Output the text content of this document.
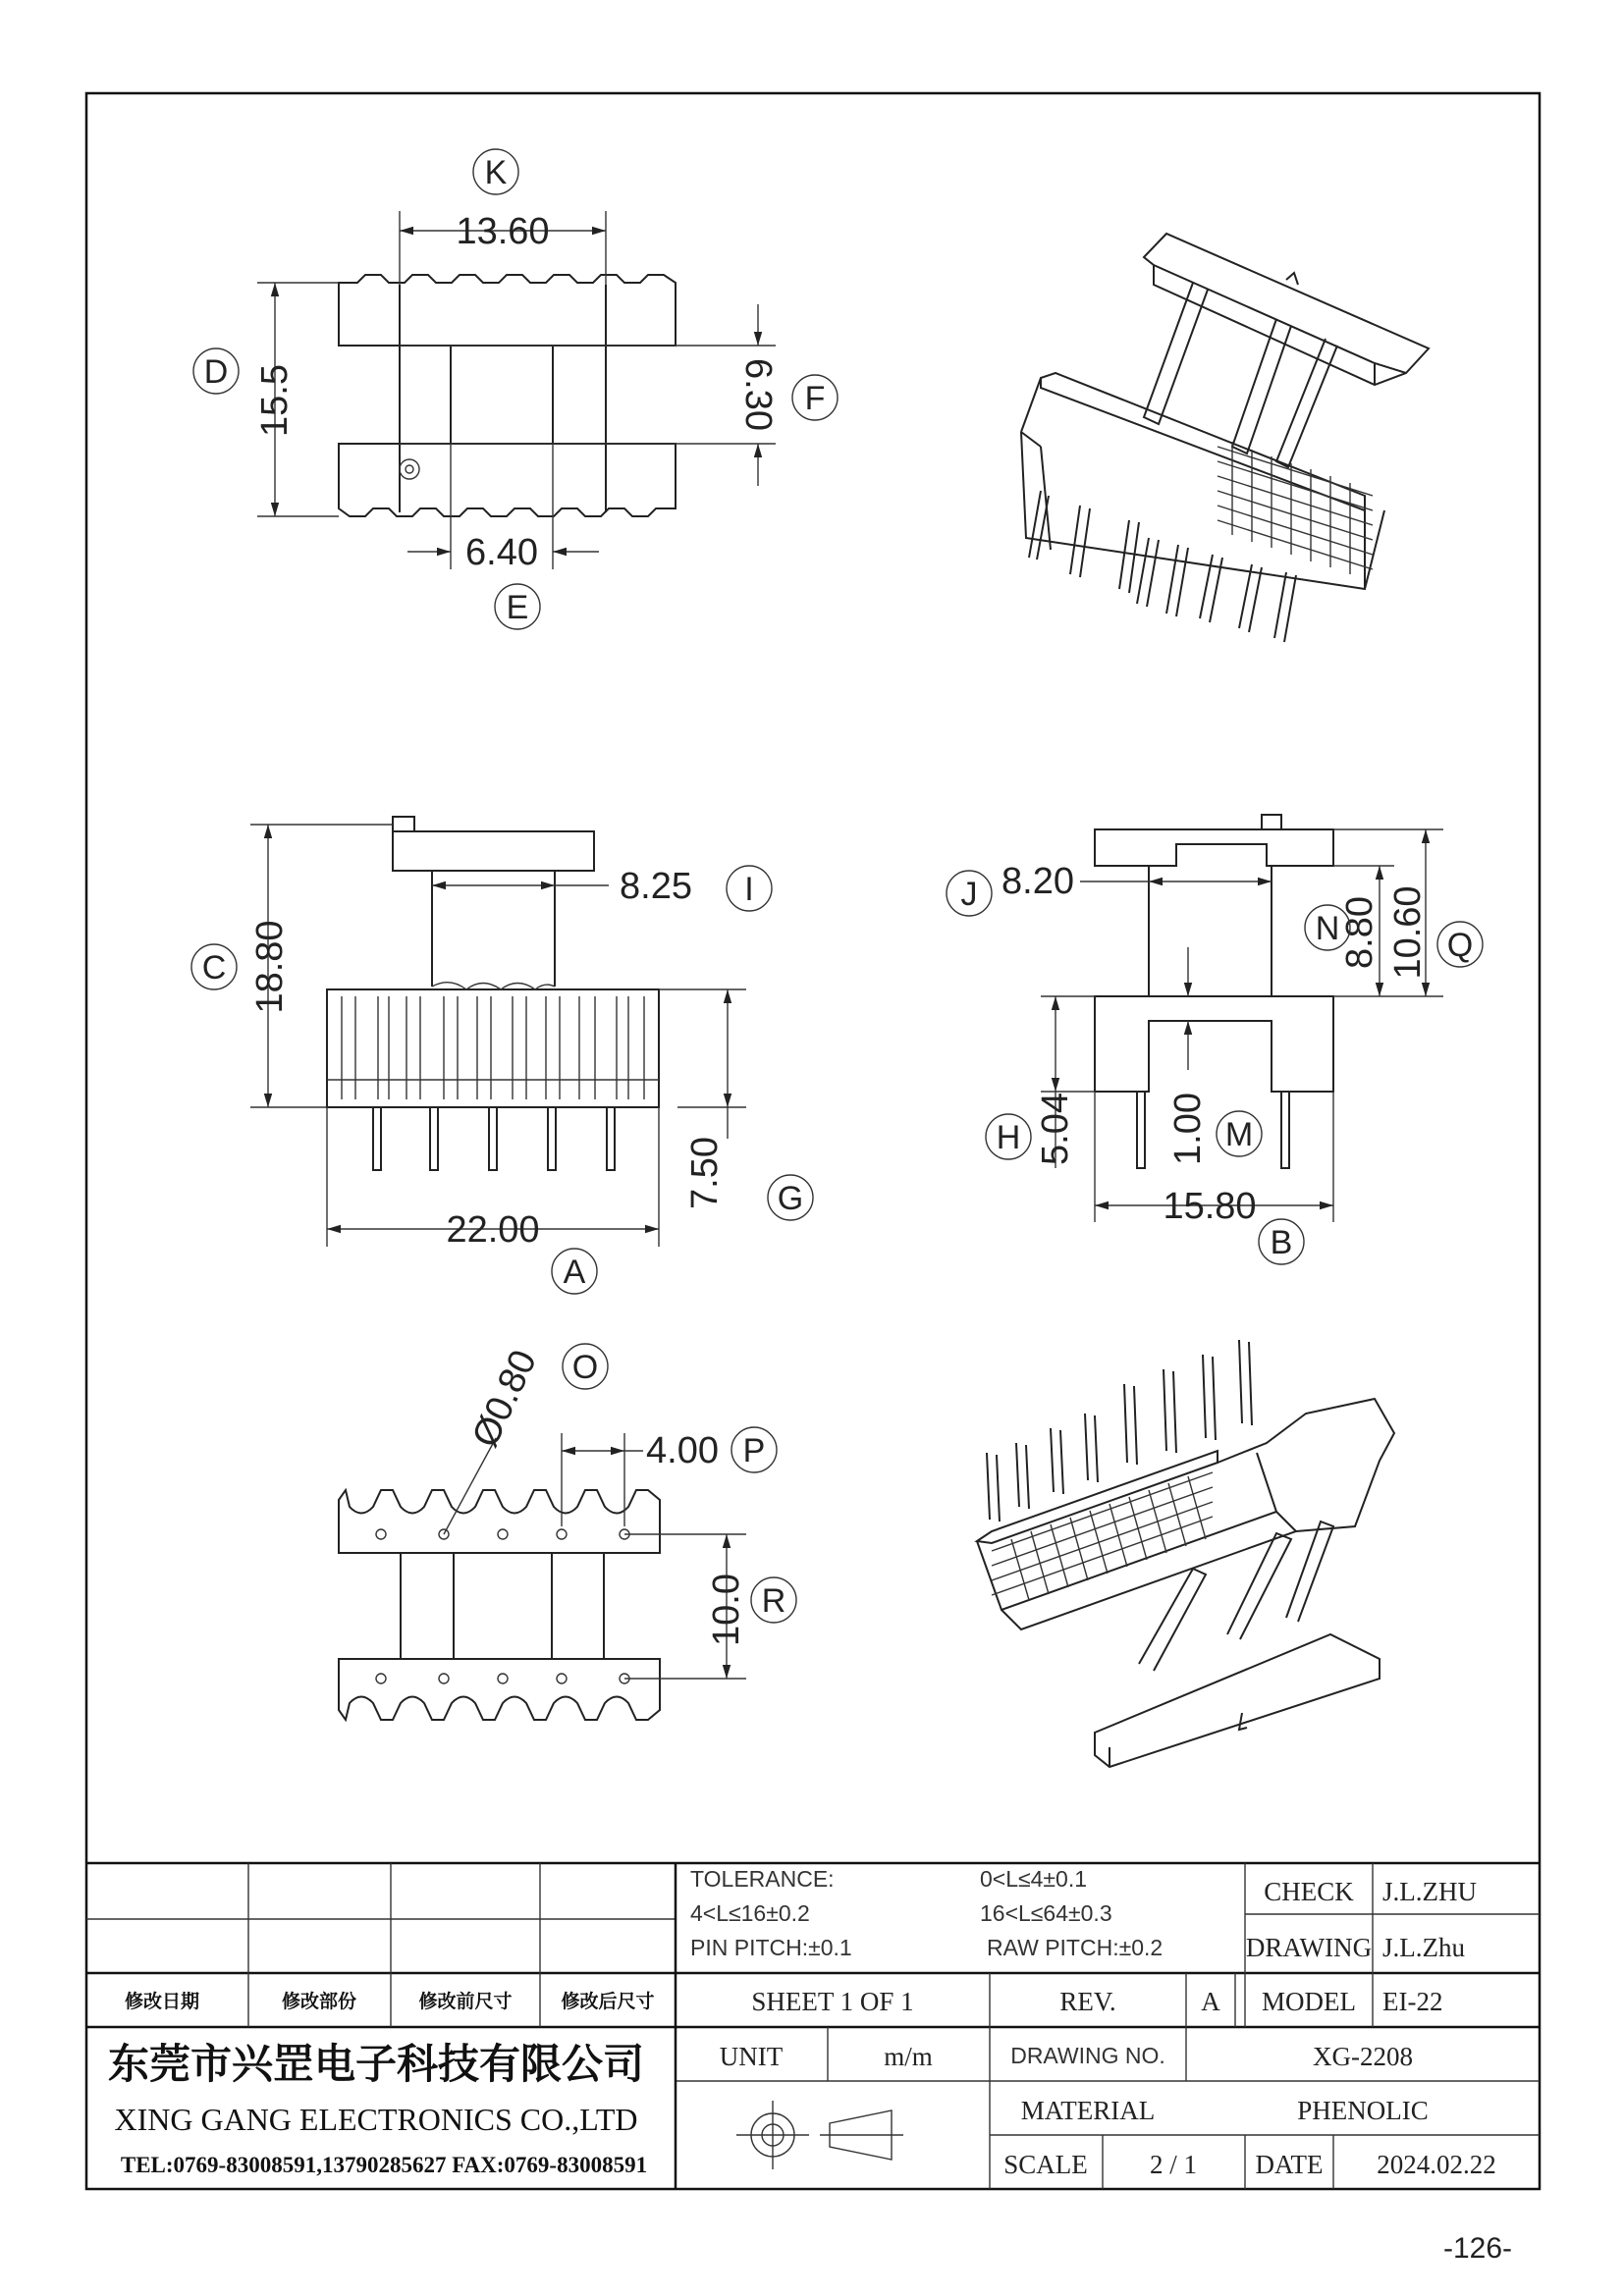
13.60
K
15.5
D	6.30 F
6.40
E
8.25 I
18.80
C
7.50 G
22.00
A
8.20
J
8.80
N 10.60 Q
5.04
H	1.00 M
15.80
B
Ø0.80 O
4.00 P
10.0 R
TOLERANCE:	0<L≤4±0.1
4<L≤16±0.2	16<L≤64±0.3
PIN PITCH:±0.1	RAW PITCH:±0.2
CHECK J.L.ZHU
DRAWING J.L.Zhu
修改日期	修改部份	修改前尺寸	修改后尺寸	SHEET 1 OF 1	REV.	A MODEL EI-22
UNIT	m/m	DRAWING NO.	XG-2208
MATERIAL	PHENOLIC
SCALE 2 / 1 DATE 2024.02.22
东莞市兴罡电子科技有限公司
XING GANG ELECTRONICS CO.,LTD
TEL:0769-83008591,13790285627 FAX:0769-83008591
-126-
